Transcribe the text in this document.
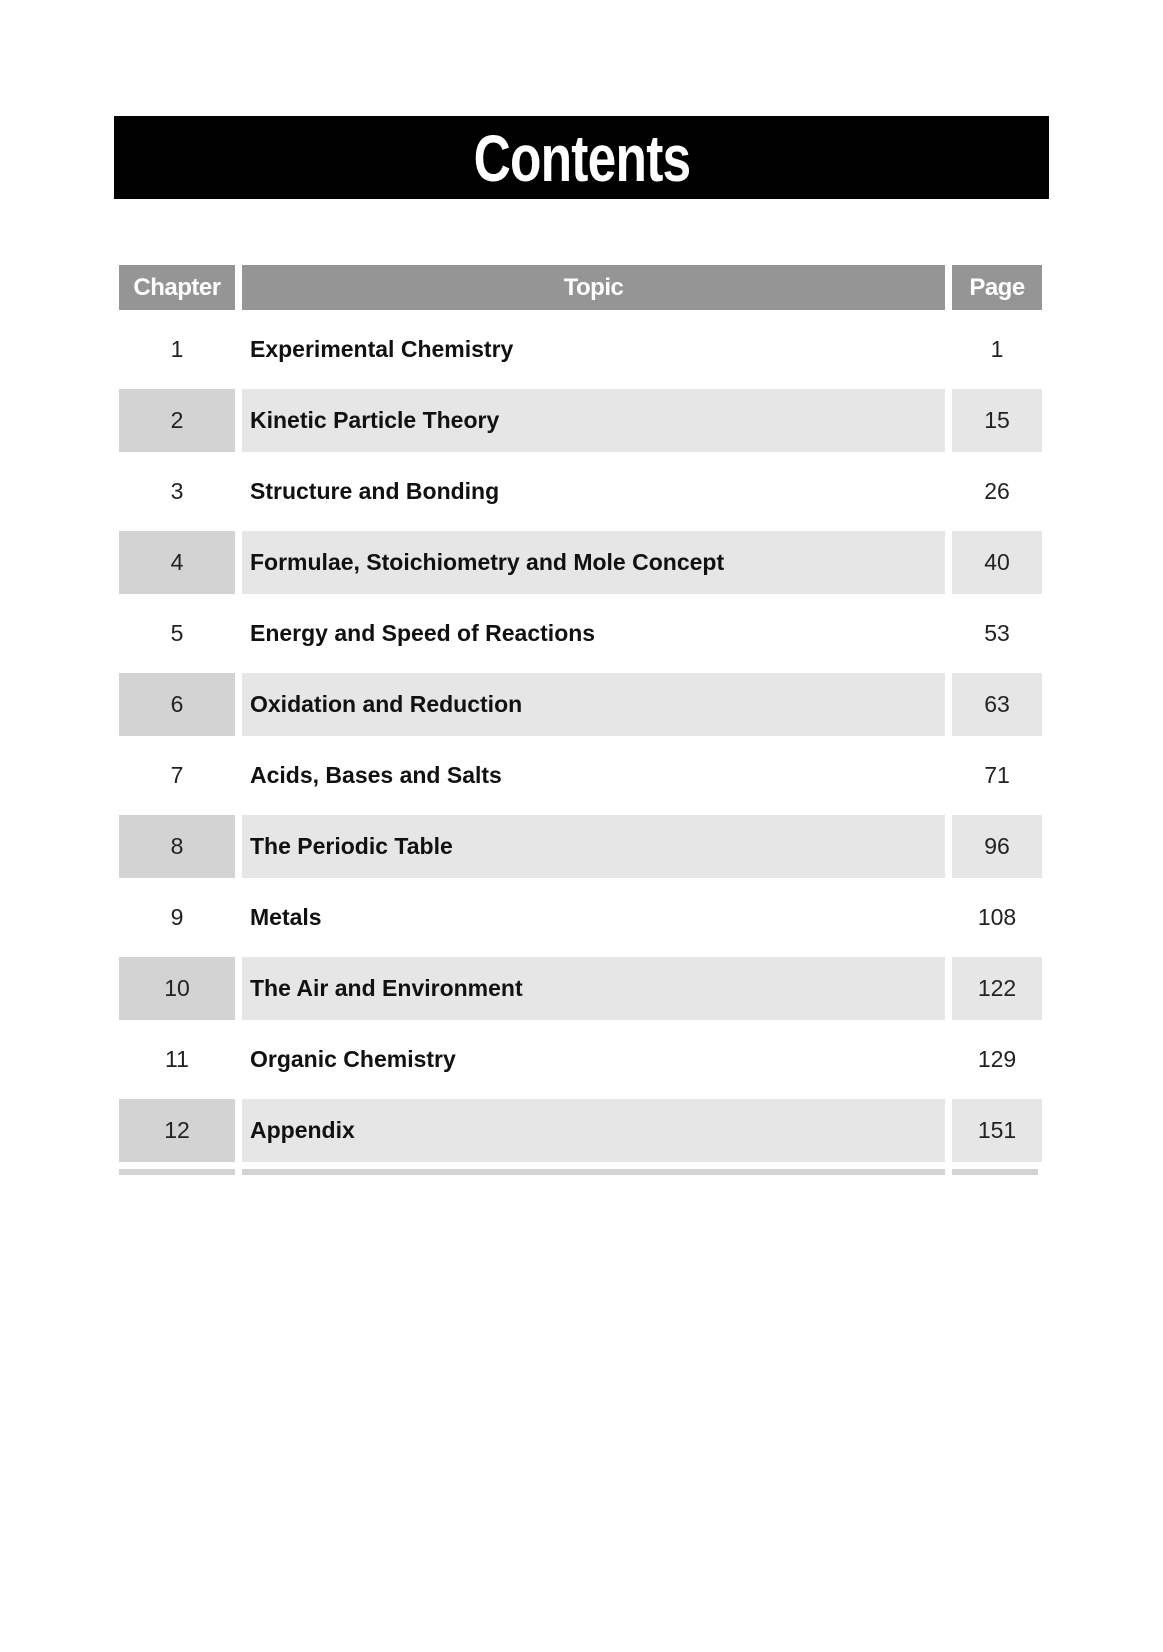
Contents
Chapter	Topic	Page
1	Experimental Chemistry	1
2	Kinetic Particle Theory	15
3	Structure and Bonding	26
4	Formulae, Stoichiometry and Mole Concept	40
5	Energy and Speed of Reactions	53
6	Oxidation and Reduction	63
7	Acids, Bases and Salts	71
8	The Periodic Table	96
9	Metals	108
10	The Air and Environment	122
11	Organic Chemistry	129
12	Appendix	151
